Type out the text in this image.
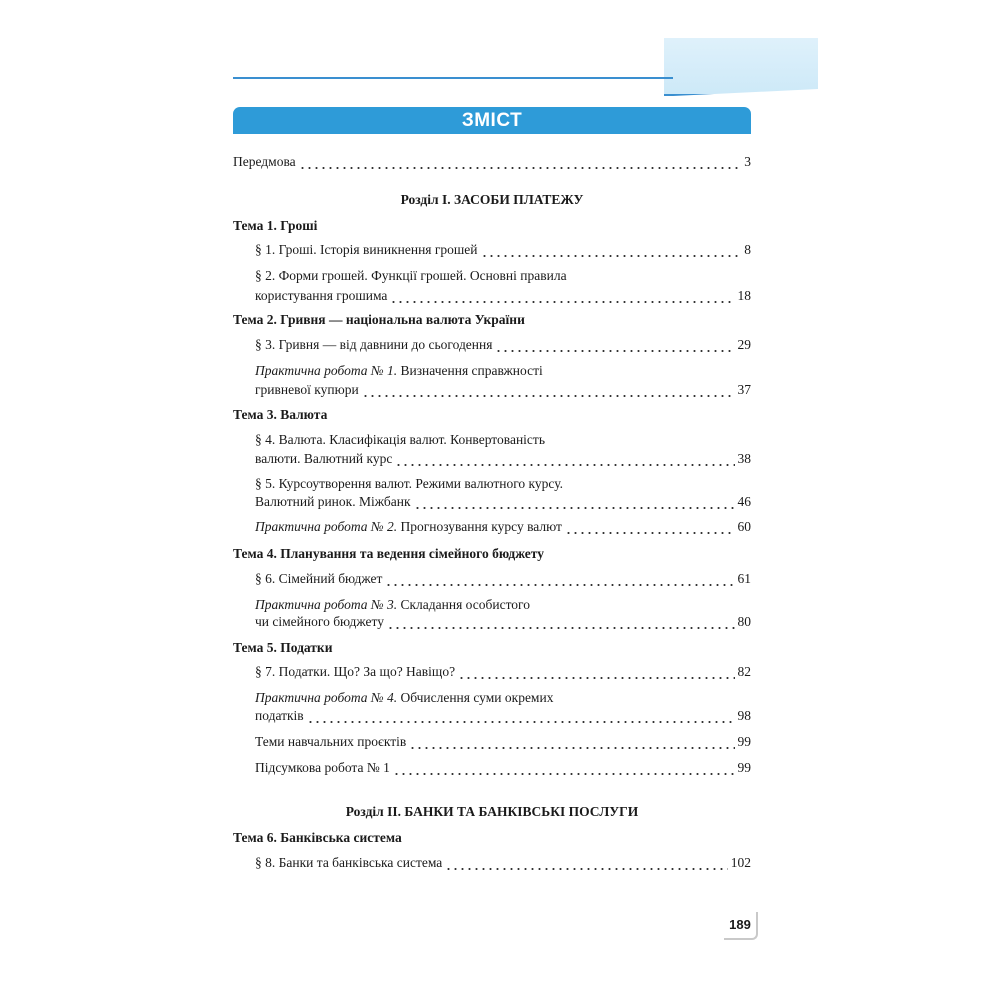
ЗМІСТ
Передмова	3
Розділ І. ЗАСОБИ ПЛАТЕЖУ
Тема 1. Гроші
§ 1. Гроші. Історія виникнення грошей	8
§ 2. Форми грошей. Функції грошей. Основні правила
користування грошима	18
Тема 2. Гривня — національна валюта України
§ 3. Гривня — від давнини до сьогодення	29
Практична робота № 1. Визначення справжності
гривневої купюри	37
Тема 3. Валюта
§ 4. Валюта. Класифікація валют. Конвертованість
валюти. Валютний курс	38
§ 5. Курсоутворення валют. Режими валютного курсу.
Валютний ринок. Міжбанк	46
Практична робота № 2. Прогнозування курсу валют	60
Тема 4. Планування та ведення сімейного бюджету
§ 6. Сімейний бюджет	61
Практична робота № 3. Складання особистого
чи сімейного бюджету	80
Тема 5. Податки
§ 7. Податки. Що? За що? Навіщо?	82
Практична робота № 4. Обчислення суми окремих
податків	98
Теми навчальних проєктів	99
Підсумкова робота № 1	99
Розділ ІІ. БАНКИ ТА БАНКІВСЬКІ ПОСЛУГИ
Тема 6. Банківська система
§ 8. Банки та банківська система	102
189
